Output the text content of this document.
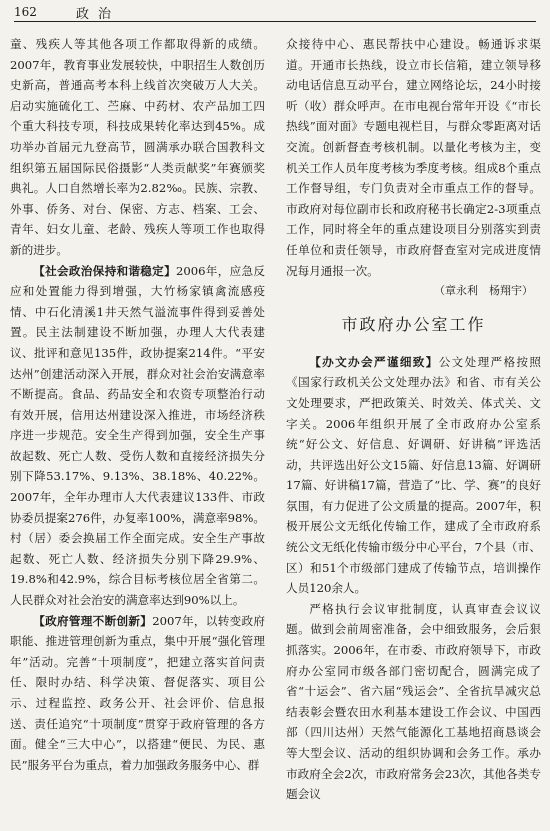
162	政治

童、残疾人等其他各项工作都取得新的成绩。2007年，教育事业发展较快，中职招生人数创历史新高，普通高考本科上线首次突破万人大关。启动实施硫化工、苎麻、中药材、农产品加工四个重大科技专项，科技成果转化率达到45%。成功举办首届元九登高节，圆满承办联合国教科文组织第五届国际民俗摄影“人类贡献奖”年赛颁奖典礼。人口自然增长率为2.82‰。民族、宗教、外事、侨务、对台、保密、方志、档案、工会、青年、妇女儿童、老龄、残疾人等项工作也取得新的进步。

【社会政治保持和谐稳定】2006年，应急反应和处置能力得到增强，大竹杨家镇禽流感疫情、中石化清溪1井天然气溢流事件得到妥善处置。民主法制建设不断加强，办理人大代表建议、批评和意见135件，政协提案214件。“平安达州”创建活动深入开展，群众对社会治安满意率不断提高。食品、药品安全和农资专项整治行动有效开展，信用达州建设深入推进，市场经济秩序进一步规范。安全生产得到加强，安全生产事故起数、死亡人数、受伤人数和直接经济损失分别下降53.17%、9.13%、38.18%、40.22%。2007年，全年办理市人大代表建议133件、市政协委员提案276件，办复率100%，满意率98%。村（居）委会换届工作全面完成。安全生产事故起数、死亡人数、经济损失分别下降29.9%、19.8%和42.9%，综合目标考核位居全省第二。人民群众对社会治安的满意率达到90%以上。

【政府管理不断创新】2007年，以转变政府职能、推进管理创新为重点，集中开展“强化管理年”活动。完善“十项制度”，把建立落实首问责任、限时办结、科学决策、督促落实、项目公示、过程监控、政务公开、社会评价、信息报送、责任追究“十项制度”贯穿于政府管理的各方面。健全“三大中心”，以搭建“便民、为民、惠民”服务平台为重点，着力加强政务服务中心、群

众接待中心、惠民帮扶中心建设。畅通诉求渠道。开通市长热线，设立市长信箱，建立领导移动电话信息互动平台，建立网络论坛，24小时接听（收）群众呼声。在市电视台常年开设《“市长热线”面对面》专题电视栏目，与群众零距离对话交流。创新督查考核机制。以量化考核为主，变机关工作人员年度考核为季度考核。组成8个重点工作督导组，专门负责对全市重点工作的督导。市政府对每位副市长和政府秘书长确定2-3项重点工作，同时将全年的重点建设项目分别落实到责任单位和责任领导，市政府督查室对完成进度情况每月通报一次。

（章永利　杨翔宇）

市政府办公室工作

【办文办会严谨细致】公文处理严格按照《国家行政机关公文处理办法》和省、市有关公文处理要求，严把政策关、时效关、体式关、文字关。2006年组织开展了全市政府办公室系统“好公文、好信息、好调研、好讲稿”评选活动，共评选出好公文15篇、好信息13篇、好调研17篇、好讲稿17篇，营造了“比、学、赛”的良好氛围，有力促进了公文质量的提高。2007年，积极开展公文无纸化传输工作，建成了全市政府系统公文无纸化传输市级分中心平台，7个县（市、区）和51个市级部门建成了传输节点，培训操作人员120余人。

严格执行会议审批制度，认真审查会议议题。做到会前周密准备，会中细致服务，会后狠抓落实。2006年，在市委、市政府领导下，市政府办公室同市级各部门密切配合，圆满完成了省“十运会”、省六届“残运会”、全省抗旱减灾总结表彰会暨农田水利基本建设工作会议、中国西部（四川达州）天然气能源化工基地招商恳谈会等大型会议、活动的组织协调和会务工作。承办市政府全会2次，市政府常务会23次，其他各类专题会议
